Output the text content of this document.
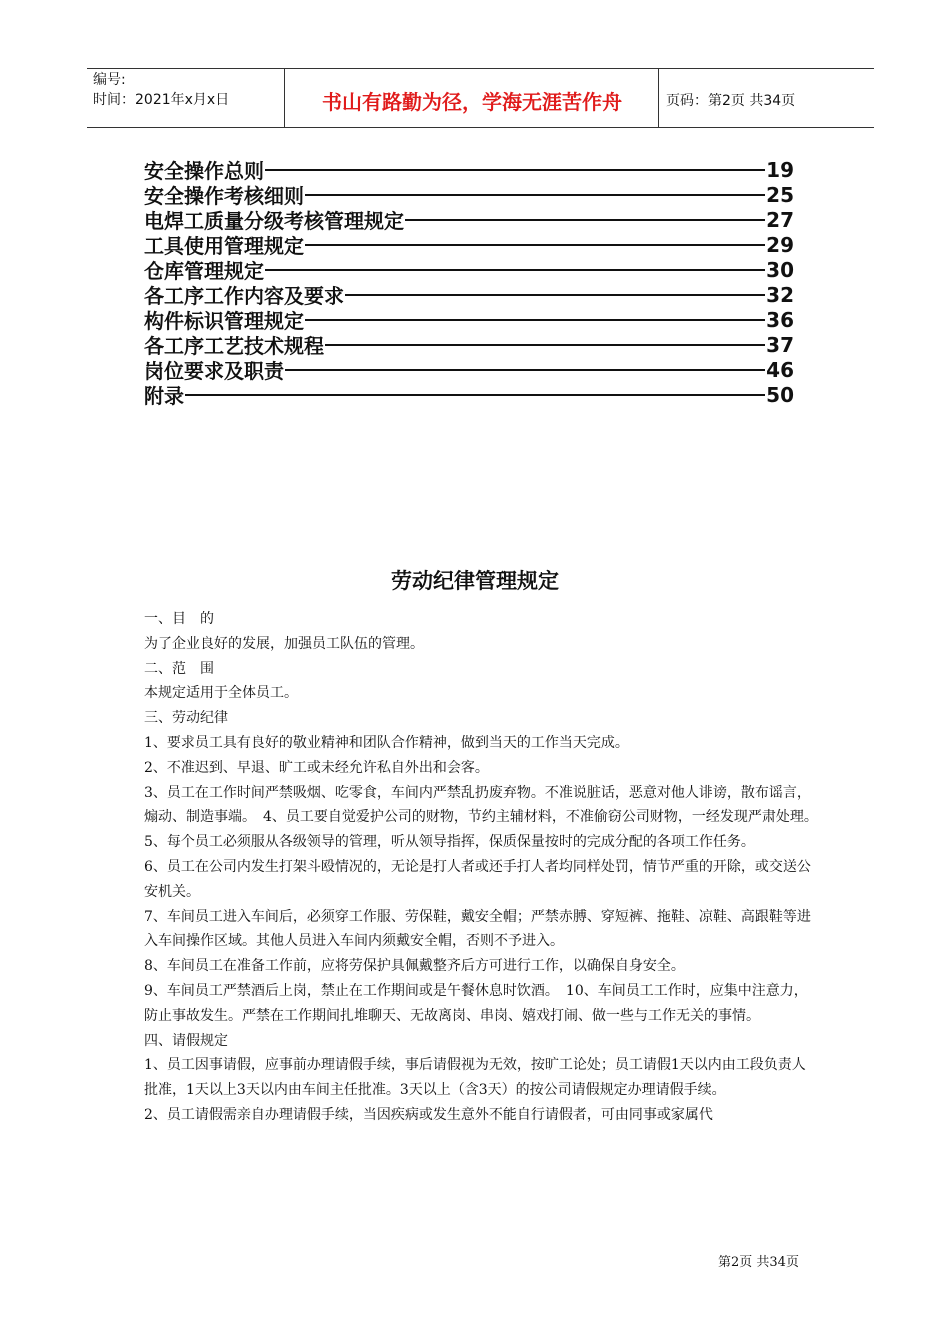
编号:
时间：2021年x月x日	书山有路勤为径，学海无涯苦作舟	页码：第2页 共34页
安全操作总则	19
安全操作考核细则	25
电焊工质量分级考核管理规定	27
工具使用管理规定	29
仓库管理规定	30
各工序工作内容及要求	32
构件标识管理规定	36
各工序工艺技术规程	37
岗位要求及职责	46
附录	50
劳动纪律管理规定

一、目　的

为了企业良好的发展，加强员工队伍的管理。

二、范　围

本规定适用于全体员工。

三、劳动纪律

1、要求员工具有良好的敬业精神和团队合作精神，做到当天的工作当天完成。

2、不准迟到、早退、旷工或未经允许私自外出和会客。

3、员工在工作时间严禁吸烟、吃零食，车间内严禁乱扔废弃物。不准说脏话，恶意对他人诽谤，散布谣言，煽动、制造事端。　4、员工要自觉爱护公司的财物，节约主辅材料，不准偷窃公司财物，一经发现严肃处理。

5、每个员工必须服从各级领导的管理，听从领导指挥，保质保量按时的完成分配的各项工作任务。

6、员工在公司内发生打架斗殴情况的，无论是打人者或还手打人者均同样处罚，情节严重的开除，或交送公安机关。

7、车间员工进入车间后，必须穿工作服、劳保鞋，戴安全帽；严禁赤膊、穿短裤、拖鞋、凉鞋、高跟鞋等进入车间操作区域。其他人员进入车间内须戴安全帽，否则不予进入。

8、车间员工在准备工作前，应将劳保护具佩戴整齐后方可进行工作，以确保自身安全。

9、车间员工严禁酒后上岗，禁止在工作期间或是午餐休息时饮酒。　10、车间员工工作时，应集中注意力，防止事故发生。严禁在工作期间扎堆聊天、无故离岗、串岗、嬉戏打闹、做一些与工作无关的事情。

四、请假规定

1、员工因事请假，应事前办理请假手续，事后请假视为无效，按旷工论处；员工请假1天以内由工段负责人批准，1天以上3天以内由车间主任批准。3天以上（含3天）的按公司请假规定办理请假手续。

2、员工请假需亲自办理请假手续，当因疾病或发生意外不能自行请假者，可由同事或家属代

第2页 共34页
